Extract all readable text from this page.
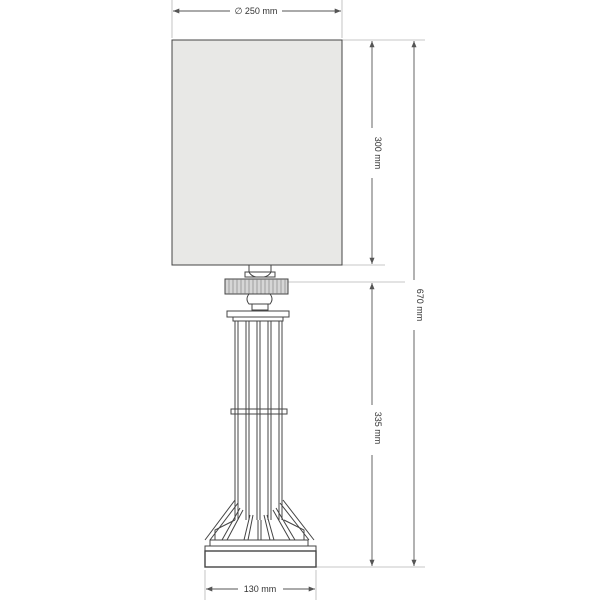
∅ 250 mm
300 mm
670 mm
335 mm
130 mm
